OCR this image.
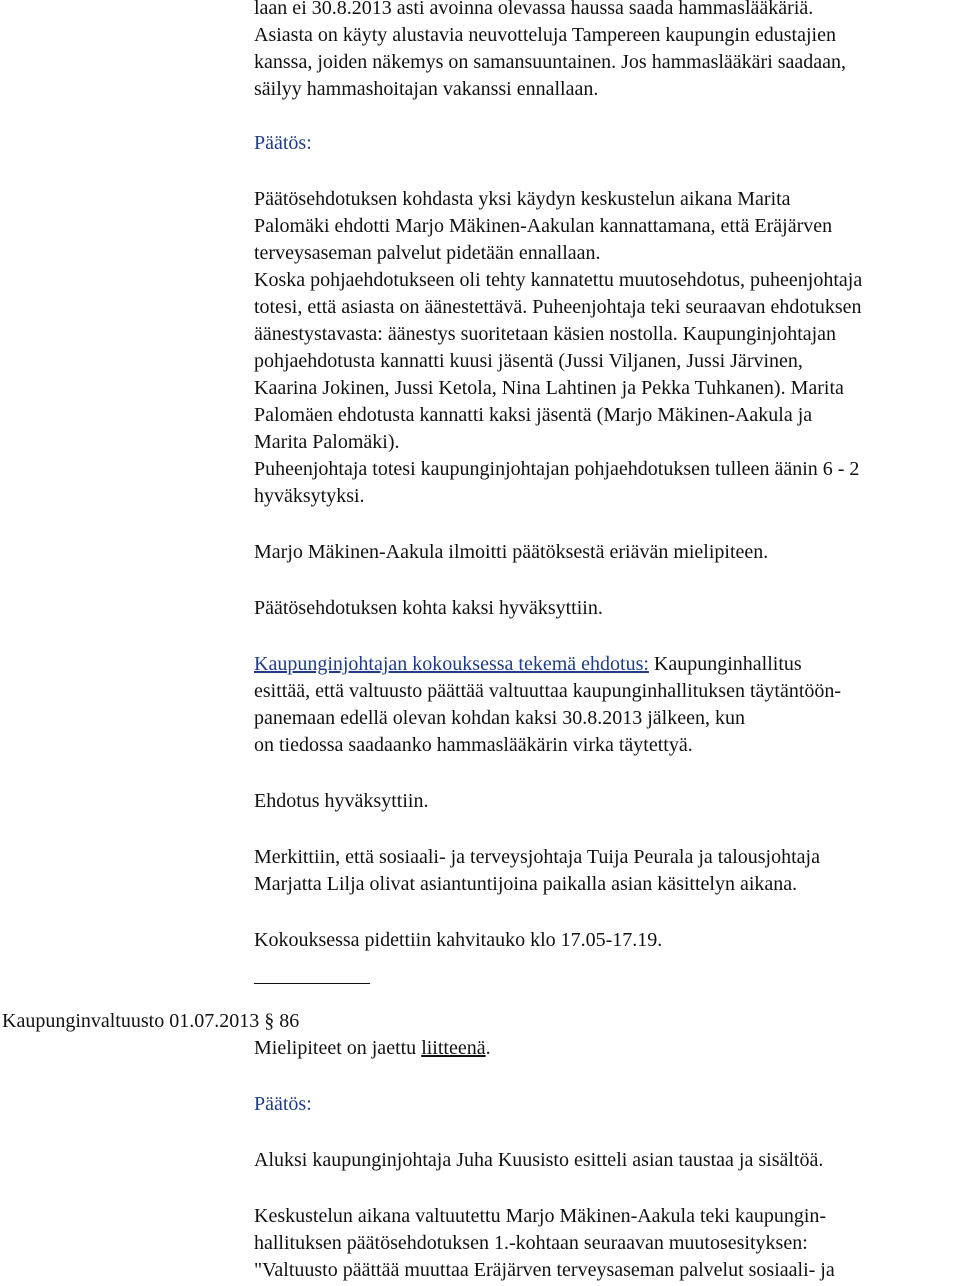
laan ei 30.8.2013 asti avoinna olevassa haussa saada hammaslääkäriä.

Asiasta on käyty alustavia neuvotteluja Tampereen kaupungin edustajien

kanssa, joiden näkemys on samansuuntainen. Jos hammaslääkäri saadaan,

säilyy hammashoitajan vakanssi ennallaan.

Päätös:

Päätösehdotuksen kohdasta yksi käydyn keskustelun aikana Marita

Palomäki ehdotti Marjo Mäkinen-Aakulan kannattamana, että Eräjärven

terveysaseman palvelut pidetään ennallaan.

Koska pohjaehdotukseen oli tehty kannatettu muutosehdotus, puheenjohtaja

totesi, että asiasta on äänestettävä. Puheenjohtaja teki seuraavan ehdotuksen

äänestystavasta: äänestys suoritetaan käsien nostolla. Kaupunginjohtajan

pohjaehdotusta kannatti kuusi jäsentä (Jussi Viljanen, Jussi Järvinen,

Kaarina Jokinen, Jussi Ketola, Nina Lahtinen ja Pekka Tuhkanen). Marita

Palomäen ehdotusta kannatti kaksi jäsentä (Marjo Mäkinen-Aakula ja

Marita Palomäki).

Puheenjohtaja totesi kaupunginjohtajan pohjaehdotuksen tulleen äänin 6 - 2

hyväksytyksi.

Marjo Mäkinen-Aakula ilmoitti päätöksestä eriävän mielipiteen.

Päätösehdotuksen kohta kaksi hyväksyttiin.

Kaupunginjohtajan kokouksessa tekemä ehdotus: Kaupunginhallitus

esittää, että valtuusto päättää valtuuttaa kaupunginhallituksen täytäntöön-

panemaan edellä olevan kohdan kaksi 30.8.2013 jälkeen, kun

on tiedossa saadaanko hammaslääkärin virka täytettyä.

Ehdotus hyväksyttiin.

Merkittiin, että sosiaali- ja terveysjohtaja Tuija Peurala ja talousjohtaja

Marjatta Lilja olivat asiantuntijoina paikalla asian käsittelyn aikana.

Kokouksessa pidettiin kahvitauko klo 17.05-17.19.

Kaupunginvaltuusto 01.07.2013 § 86

Mielipiteet on jaettu liitteenä.

Päätös:

Aluksi kaupunginjohtaja Juha Kuusisto esitteli asian taustaa ja sisältöä.

Keskustelun aikana valtuutettu Marjo Mäkinen-Aakula teki kaupungin-

hallituksen päätösehdotuksen 1.-kohtaan seuraavan muutosesityksen:

"Valtuusto päättää muuttaa Eräjärven terveysaseman palvelut sosiaali- ja
